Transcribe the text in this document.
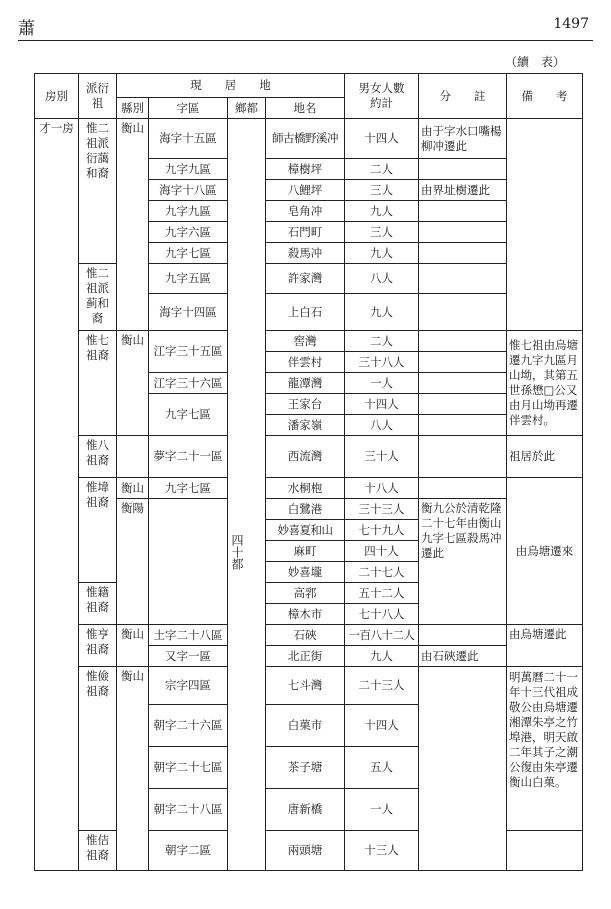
蕭	1497
（續　表）
房別	派衍祖	現　　居　　地				男女人數約計	分　　註	備　　考
		縣別	字區	鄉都	地名			
才一房	惟二祖派衍藹和裔	衡山	海字十五區		師古橋野溪冲	十四人	由于字水口嘴楊柳冲遷此	
			九字九區		樟樹坪	二人		
			海字十八區		八鯉坪	三人	由界址樹遷此	
			九字九區		皂角冲	九人		
			九字六區		石門町	三人		
			九字七區		殺馬冲	九人		
	惟二祖派蓟和裔		九字五區		許家灣	八人		
			海字十四區		上白石	九人		
	惟七祖裔	衡山	江字三十五區		窖灣	二人		惟七祖由烏塘遷九字九區月山坳，其第五世孫懋□公又由月山坳再遷伴雲村。
					伴雲村	三十八人		
			江字三十六區		龍潭灣	一人		
			九字七區		王家台	十四人		
					潘家嶺	八人		
	惟八祖裔		夢字二十一區		西流灣	三十人		祖居於此
	惟㙔祖裔	衡山	九字七區		水桐枹	十八人		由烏塘遷來
		衡陽			白鷺港	三十三人	衡九公於清乾隆二十七年由衡山九字七區殺馬冲遷此	
					妙喜夏和山	七十九人		
					麻町	四十人		
					妙喜壠	二十七人		
	惟籍祖裔				高郛	五十二人		
					樟木市	七十八人		
	惟亨祖裔	衡山	土字二十八區		石硤	一百八十二人		由烏塘遷此
			又字一區		北正街	九人	由石硤遷此	
	惟儉祖裔	衡山	宗字四區		七斗灣	二十三人		明萬曆二十一年十三代祖成敬公由烏塘遷湘潭朱亭之竹埠港，明天啟二年其子之潮公復由朱亭遷衡山白菓。
			朝字二十六區		白菓市	十四人		
			朝字二十七區		茶子塘	五人		
			朝字二十八區		唐新橋	一人		
	惟佶祖裔		朝字二區		兩頭塘	十三人		
四十都
